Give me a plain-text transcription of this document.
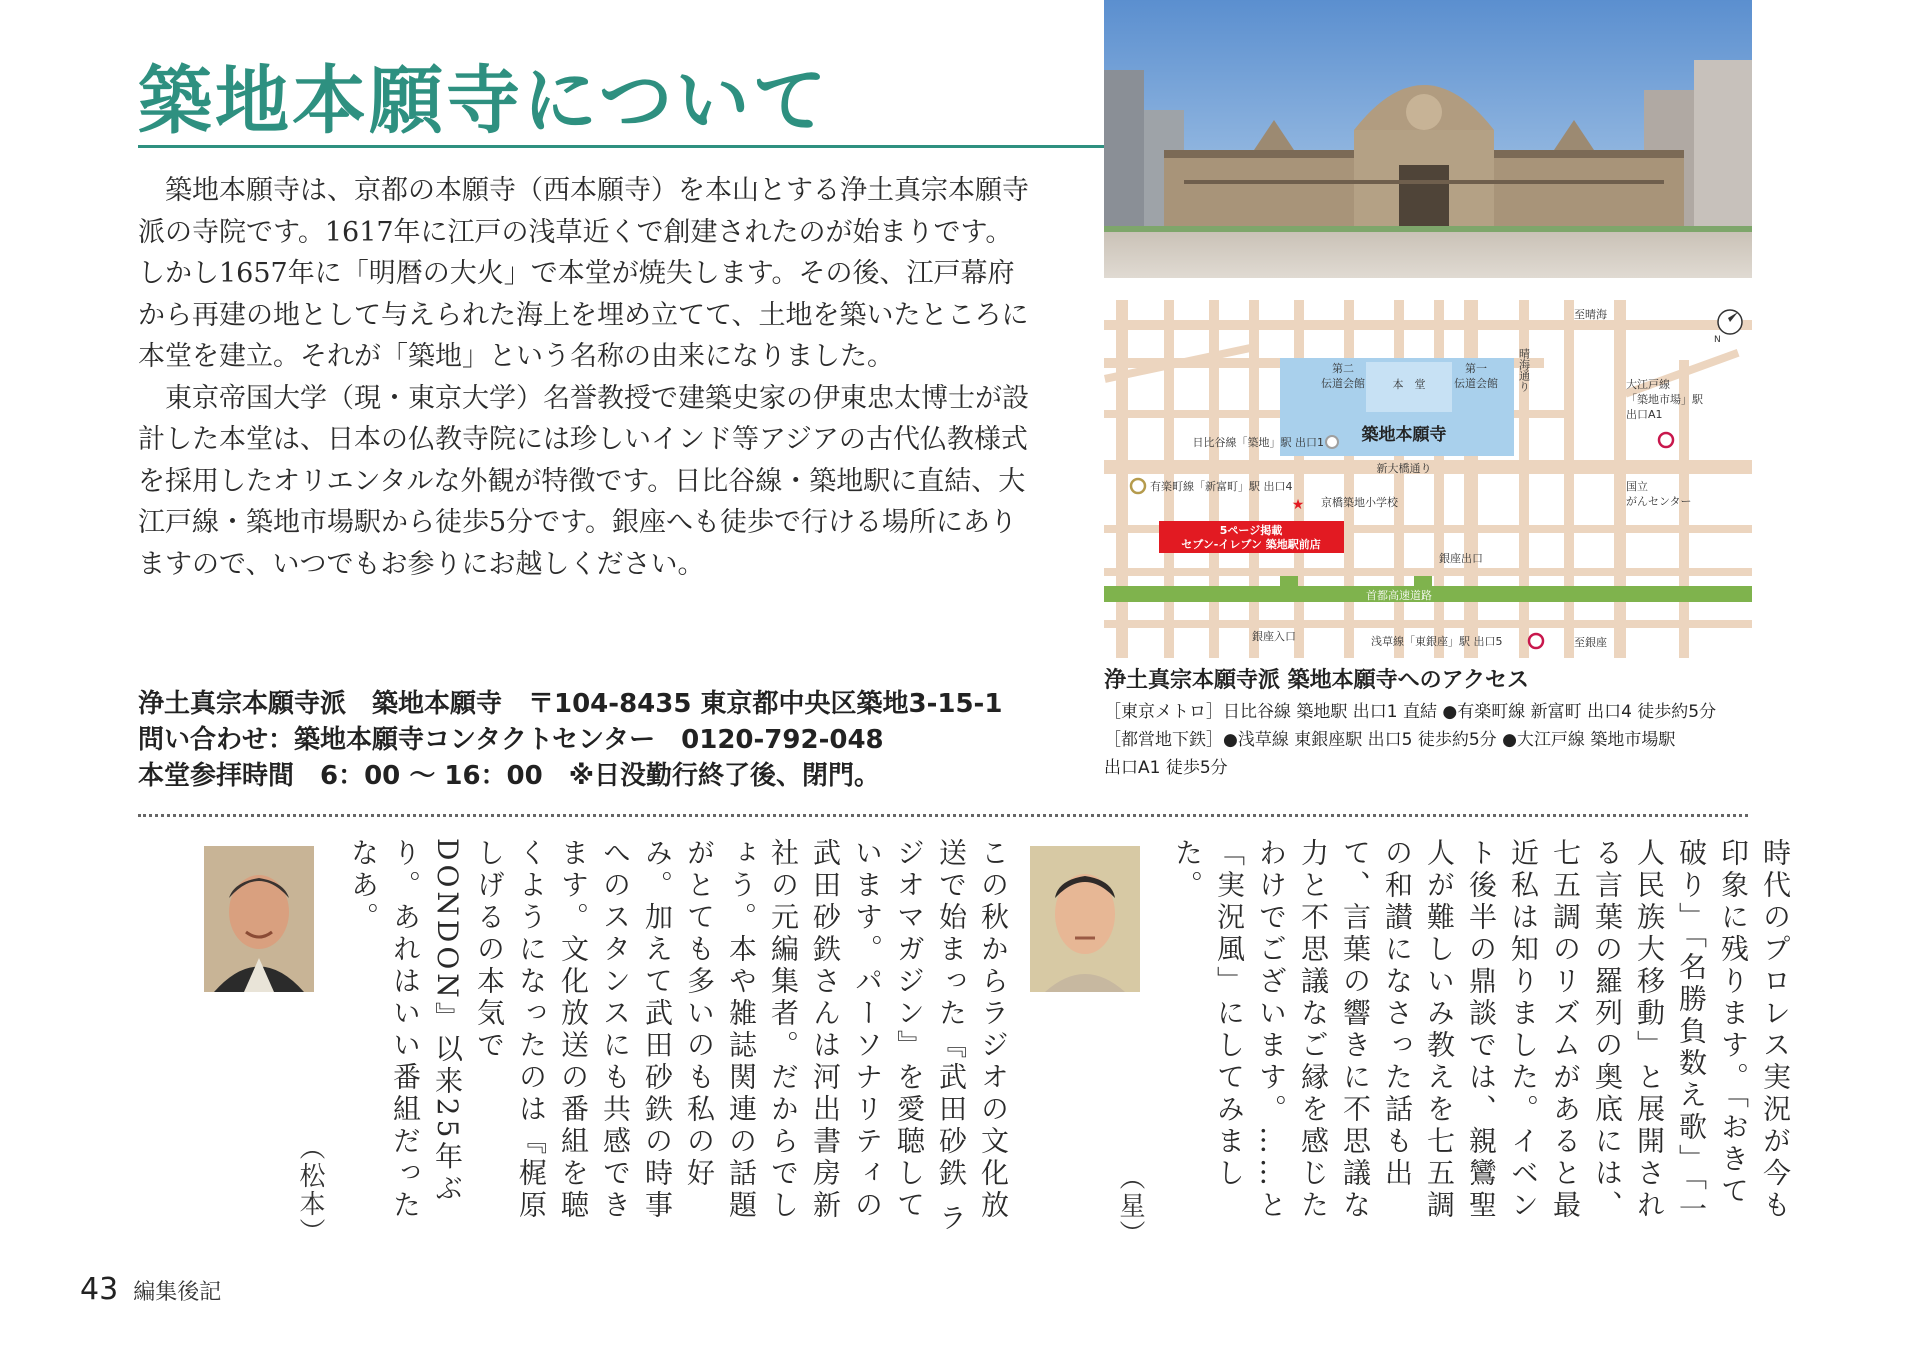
築地本願寺について

築地本願寺は、京都の本願寺（西本願寺）を本山とする浄土真宗本願寺派の寺院です。1617年に江戸の浅草近くで創建されたのが始まりです。しかし1657年に「明暦の大火」で本堂が焼失します。その後、江戸幕府から再建の地として与えられた海上を埋め立てて、土地を築いたところに本堂を建立。それが「築地」という名称の由来になりました。

東京帝国大学（現・東京大学）名誉教授で建築史家の伊東忠太博士が設計した本堂は、日本の仏教寺院には珍しいインド等アジアの古代仏教様式を採用したオリエンタルな外観が特徴です。日比谷線・築地駅に直結、大江戸線・築地市場駅から徒歩5分です。銀座へも徒歩で行ける場所にありますので、いつでもお参りにお越しください。

浄土真宗本願寺派　築地本願寺　〒104-8435 東京都中央区築地3-15-1
問い合わせ：築地本願寺コンタクトセンター　0120-792-048
本堂参拝時間　6：00 ～ 16：00　※日没勤行終了後、閉門。
第二
伝道会館	本　堂
第一
伝道会館
築地本願寺
至晴海
晴海通り
新大橋通り
首都高速道路
日比谷線「築地」駅 出口1
有楽町線「新富町」駅 出口4
★ 京橋築地小学校
5ページ掲載
セブン-イレブン 築地駅前店
銀座出口
銀座入口	浅草線「東銀座」駅 出口5	至銀座
大江戸線
「築地市場」駅
出口A1
国立
がんセンター
N
浄土真宗本願寺派 築地本願寺へのアクセス
［東京メトロ］日比谷線 築地駅 出口1 直結 ●有楽町線 新富町 出口4 徒歩約5分
［都営地下鉄］●浅草線 東銀座駅 出口5 徒歩約5分 ●大江戸線 築地市場駅
出口A1 徒歩5分

この秋からラジオの文化放送で始まった『武田砂鉄 ラジオマガジン』を愛聴しています。パーソナリティの武田砂鉄さんは河出書房新社の元編集者。だからでしょう。本や雑誌関連の話題がとても多いのも私の好み。加えて武田砂鉄の時事へのスタンスにも共感できます。文化放送の番組を聴くようになったのは『梶原しげるの本気でDONDON』以来25年ぶり。あれはいい番組だったなあ。

（松本）	時代のプロレス実況が今も印象に残ります。「おきて破り」「名勝負数え歌」「一人民族大移動」と展開される言葉の羅列の奥底には、七五調のリズムがあると最近私は知りました。イベント後半の鼎談では、親鸞聖人が難しいみ教えを七五調の和讃になさった話も出て、言葉の響きに不思議な力と不思議なご縁を感じたわけでございます。……と「実況風」にしてみました。

（星）
43 編集後記
